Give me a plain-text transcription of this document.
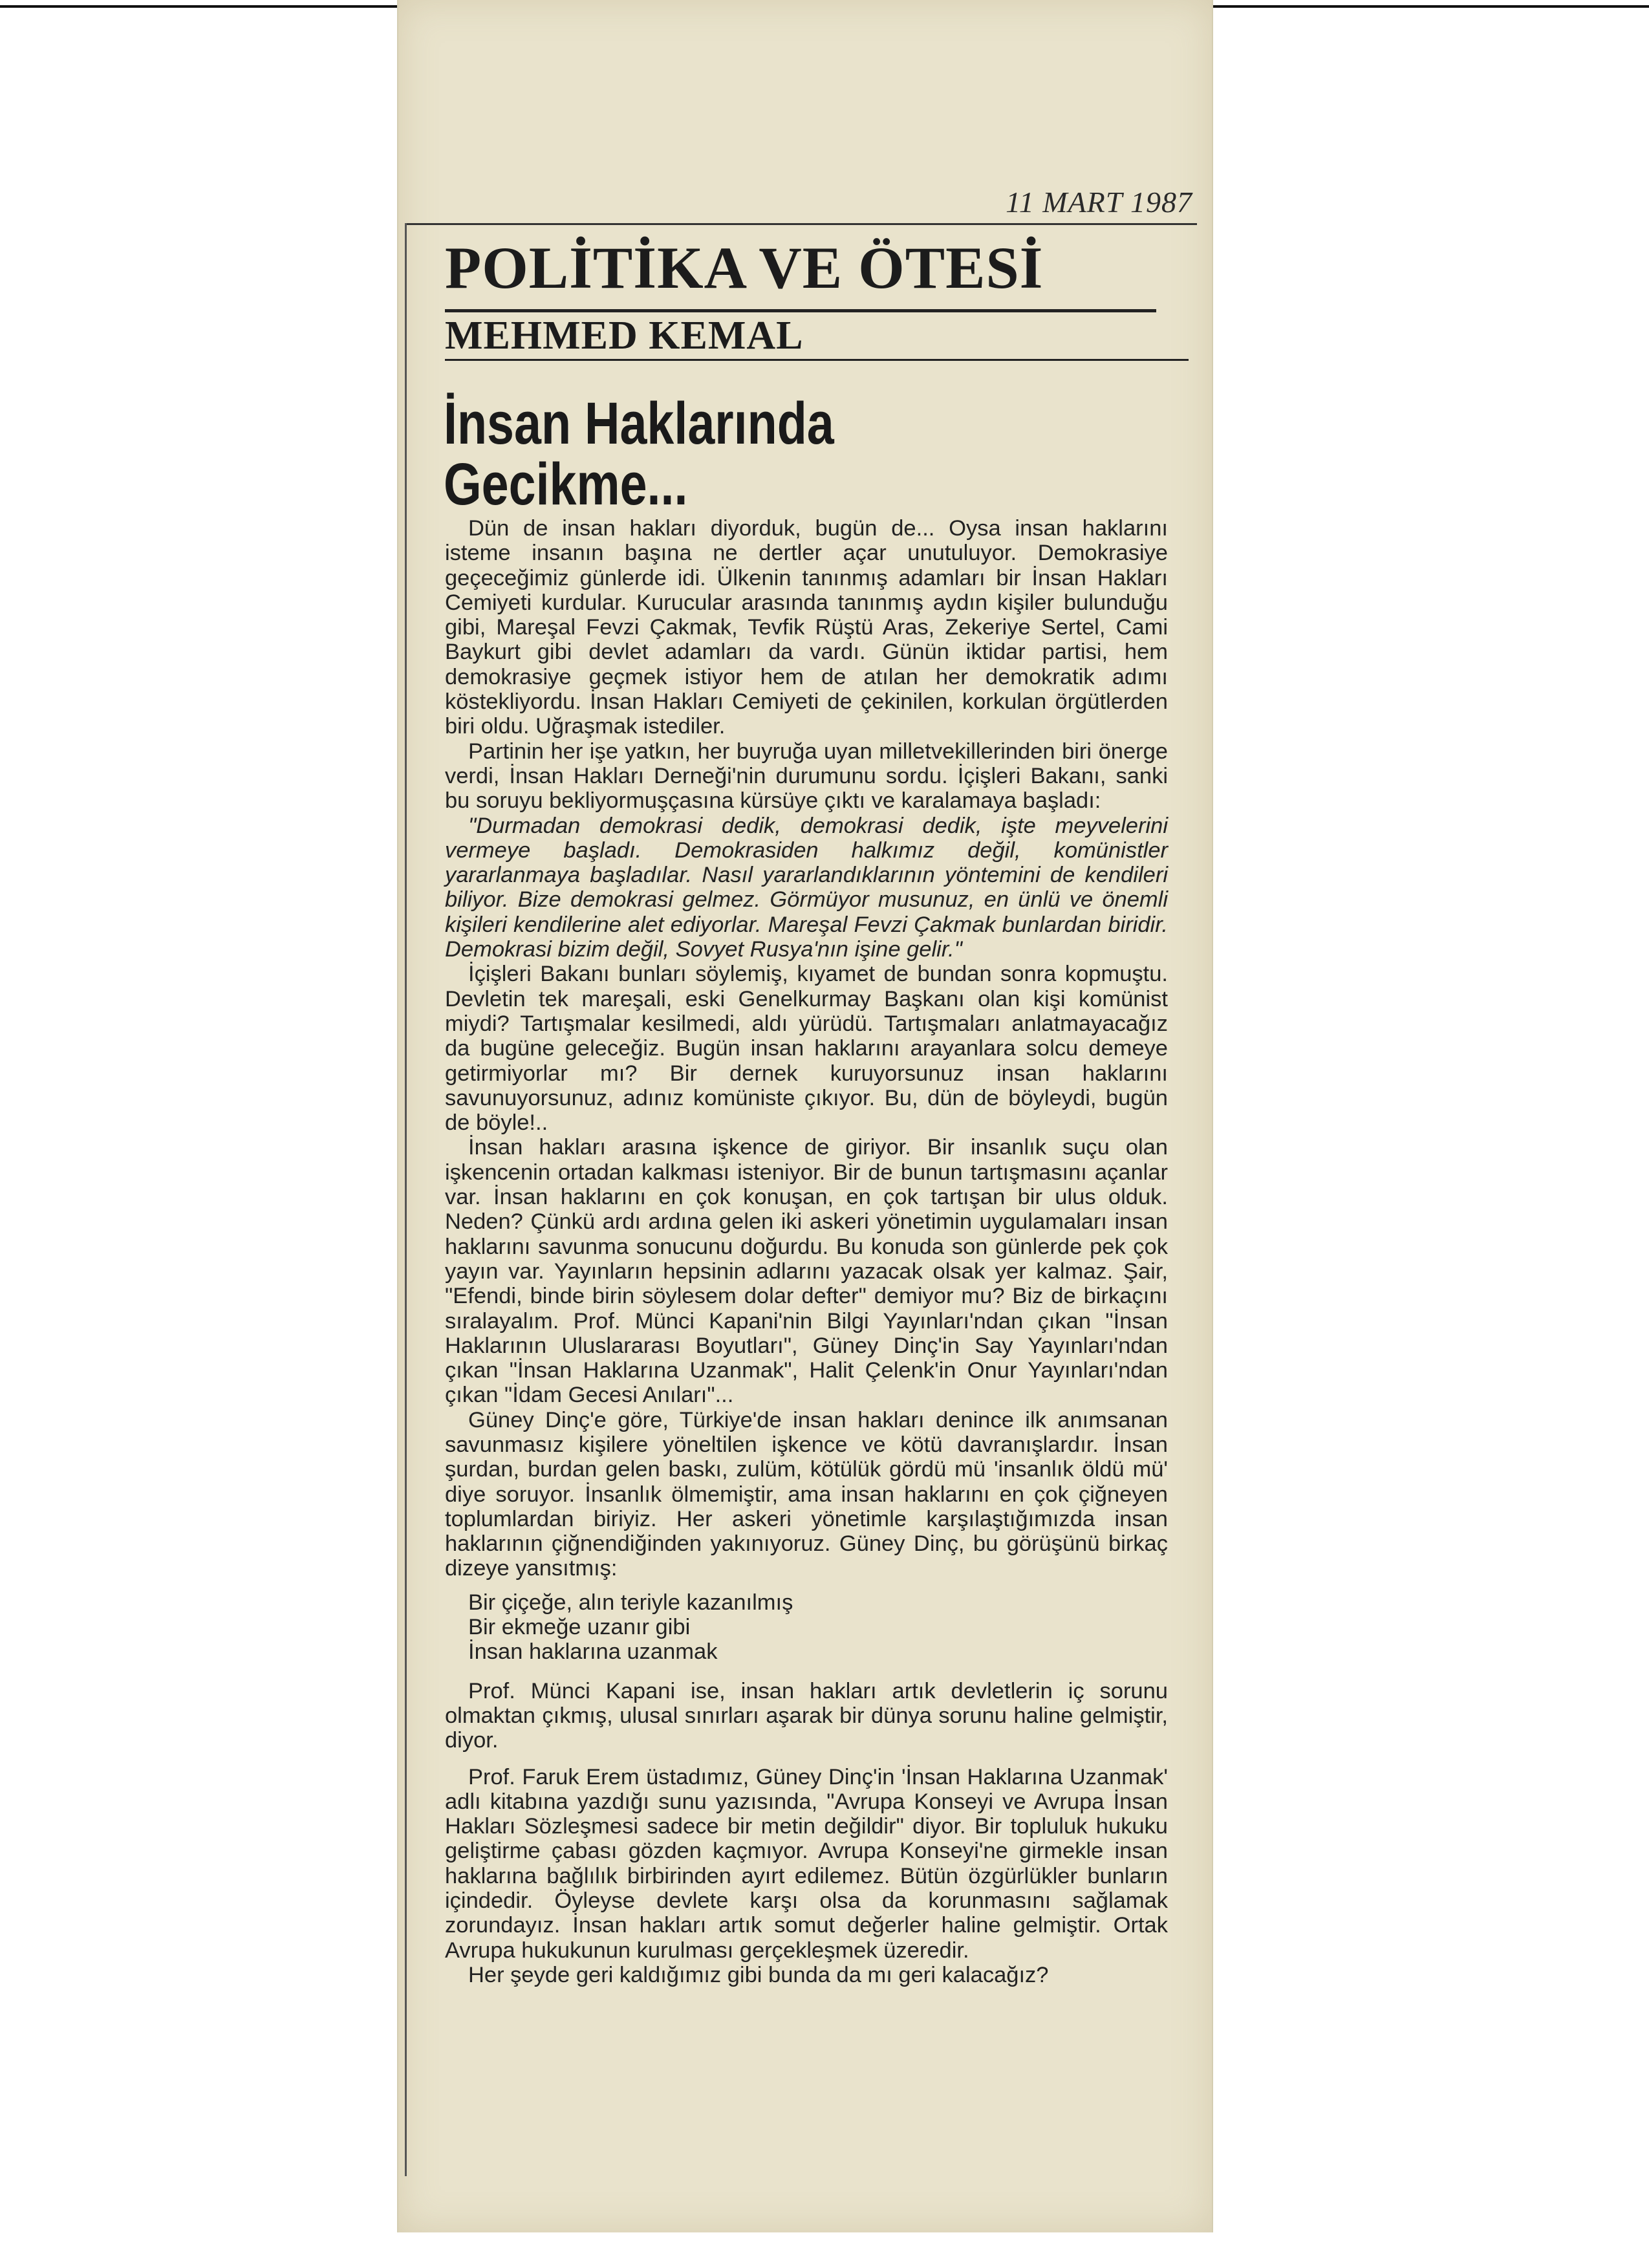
11 MART 1987
POLİTİKA VE ÖTESİ
MEHMED KEMAL
İnsan Haklarında
Gecikme...

Dün de insan hakları diyorduk, bugün de... Oysa insan haklarını isteme insanın başına ne dertler açar unutuluyor. Demokrasiye geçeceğimiz günlerde idi. Ülkenin tanınmış adamları bir İnsan Hakları Cemiyeti kurdular. Kurucular arasında tanınmış aydın kişiler bulunduğu gibi, Mareşal Fevzi Çakmak, Tevfik Rüştü Aras, Zekeriye Sertel, Cami Baykurt gibi devlet adamları da vardı. Günün iktidar partisi, hem demokrasiye geçmek istiyor hem de atılan her demokratik adımı köstekliyordu. İnsan Hakları Cemiyeti de çekinilen, korkulan örgütlerden biri oldu. Uğraşmak istediler.

Partinin her işe yatkın, her buyruğa uyan milletvekillerinden biri önerge verdi, İnsan Hakları Derneği'nin durumunu sordu. İçişleri Bakanı, sanki bu soruyu bekliyormuşçasına kürsüye çıktı ve karalamaya başladı:

"Durmadan demokrasi dedik, demokrasi dedik, işte meyvelerini vermeye başladı. Demokrasiden halkımız değil, komünistler yararlanmaya başladılar. Nasıl yararlandıklarının yöntemini de kendileri biliyor. Bize demokrasi gelmez. Görmüyor musunuz, en ünlü ve önemli kişileri kendilerine alet ediyorlar. Mareşal Fevzi Çakmak bunlardan biridir. Demokrasi bizim değil, Sovyet Rusya'nın işine gelir."

İçişleri Bakanı bunları söylemiş, kıyamet de bundan sonra kopmuştu. Devletin tek mareşali, eski Genelkurmay Başkanı olan kişi komünist miydi? Tartışmalar kesilmedi, aldı yürüdü. Tartışmaları anlatmayacağız da bugüne geleceğiz. Bugün insan haklarını arayanlara solcu demeye getirmiyorlar mı? Bir dernek kuruyorsunuz insan haklarını savunuyorsunuz, adınız komüniste çıkıyor. Bu, dün de böyleydi, bugün de böyle!..

İnsan hakları arasına işkence de giriyor. Bir insanlık suçu olan işkencenin ortadan kalkması isteniyor. Bir de bunun tartışmasını açanlar var. İnsan haklarını en çok konuşan, en çok tartışan bir ulus olduk. Neden? Çünkü ardı ardına gelen iki askeri yönetimin uygulamaları insan haklarını savunma sonucunu doğurdu. Bu konuda son günlerde pek çok yayın var. Yayınların hepsinin adlarını yazacak olsak yer kalmaz. Şair, "Efendi, binde birin söylesem dolar defter" demiyor mu? Biz de birkaçını sıralayalım. Prof. Münci Kapani'nin Bilgi Yayınları'ndan çıkan "İnsan Haklarının Uluslararası Boyutları", Güney Dinç'in Say Yayınları'ndan çıkan "İnsan Haklarına Uzanmak", Halit Çelenk'in Onur Yayınları'ndan çıkan "İdam Gecesi Anıları"...

Güney Dinç'e göre, Türkiye'de insan hakları denince ilk anımsanan savunmasız kişilere yöneltilen işkence ve kötü davranışlardır. İnsan şurdan, burdan gelen baskı, zulüm, kötülük gördü mü 'insanlık öldü mü' diye soruyor. İnsanlık ölmemiştir, ama insan haklarını en çok çiğneyen toplumlardan biriyiz. Her askeri yönetimle karşılaştığımızda insan haklarının çiğnendiğinden yakınıyoruz. Güney Dinç, bu görüşünü birkaç dizeye yansıtmış:

Bir çiçeğe, alın teriyle kazanılmış
Bir ekmeğe uzanır gibi
İnsan haklarına uzanmak

Prof. Münci Kapani ise, insan hakları artık devletlerin iç sorunu olmaktan çıkmış, ulusal sınırları aşarak bir dünya sorunu haline gelmiştir, diyor.

Prof. Faruk Erem üstadımız, Güney Dinç'in 'İnsan Haklarına Uzanmak' adlı kitabına yazdığı sunu yazısında, "Avrupa Konseyi ve Avrupa İnsan Hakları Sözleşmesi sadece bir metin değildir" diyor. Bir topluluk hukuku geliştirme çabası gözden kaçmıyor. Avrupa Konseyi'ne girmekle insan haklarına bağlılık birbirinden ayırt edilemez. Bütün özgürlükler bunların içindedir. Öyleyse devlete karşı olsa da korunmasını sağlamak zorundayız. İnsan hakları artık somut değerler haline gelmiştir. Ortak Avrupa hukukunun kurulması gerçekleşmek üzeredir.

Her şeyde geri kaldığımız gibi bunda da mı geri kalacağız?
